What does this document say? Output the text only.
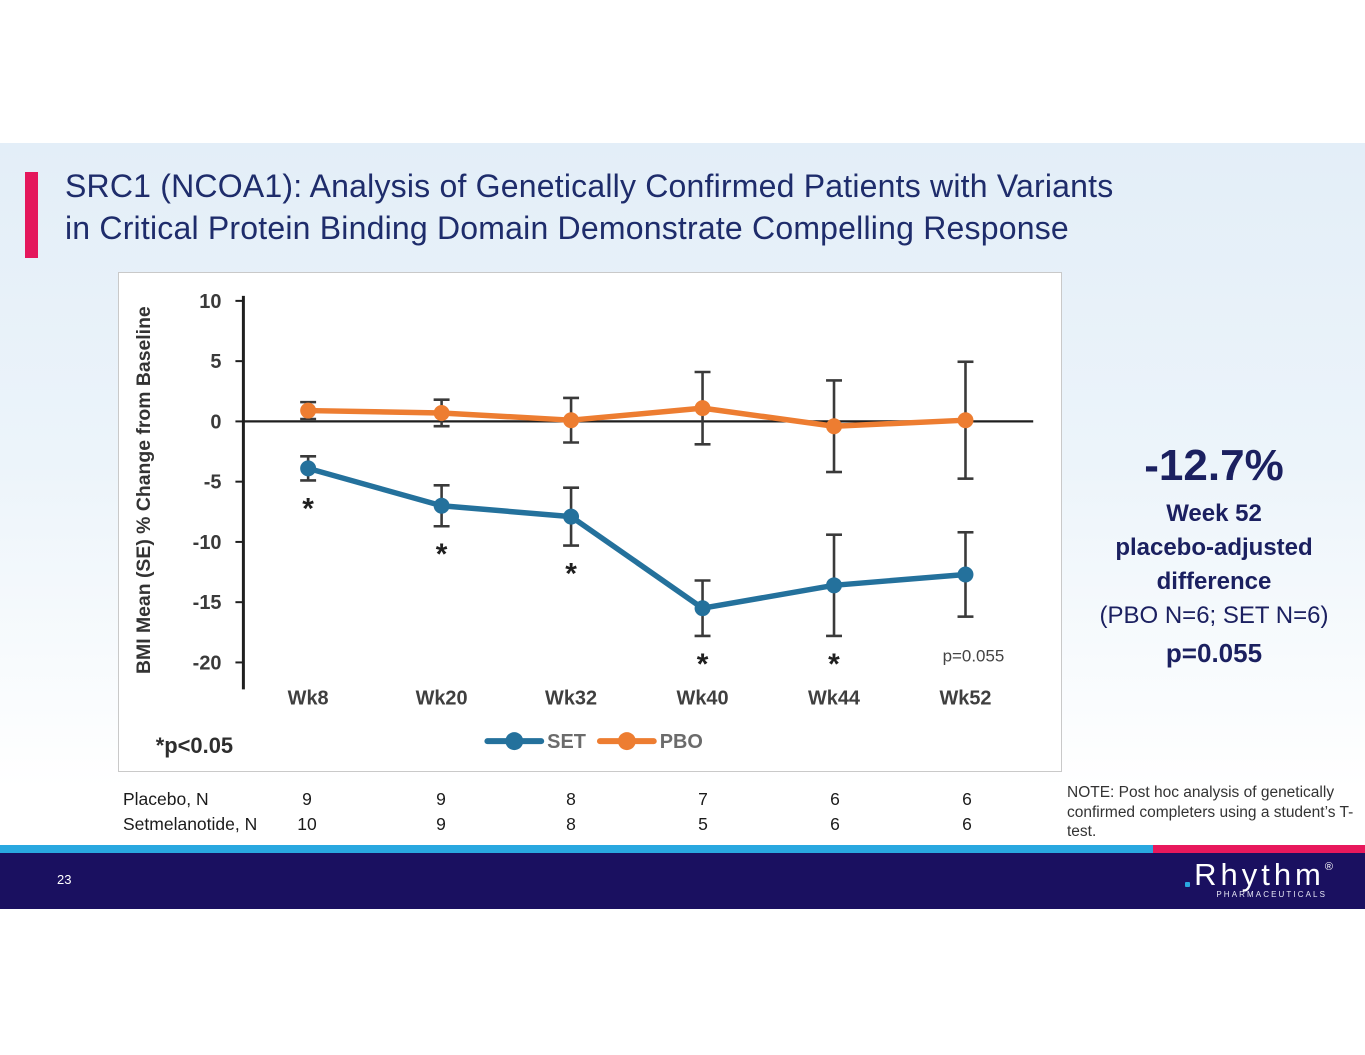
SRC1 (NCOA1): Analysis of Genetically Confirmed Patients with Variants
in Critical Protein Binding Domain Demonstrate Compelling Response
10
5
0
-5
-10
-15
-20
BMI Mean (SE) % Change from Baseline
Wk8	Wk20	Wk32	Wk40	Wk44	Wk52
*
*
*
*	*	p=0.055
*p<0.05	SET	PBO
-12.7%
Week 52
placebo-adjusted
difference
(PBO N=6; SET N=6)
p=0.055
Placebo, N	9	9	8	7	6	6
Setmelanotide, N	10	9	8	5	6	6
NOTE: Post hoc analysis of genetically confirmed completers using a student’s T-test.
23	Rhythm®
PHARMACEUTICALS
